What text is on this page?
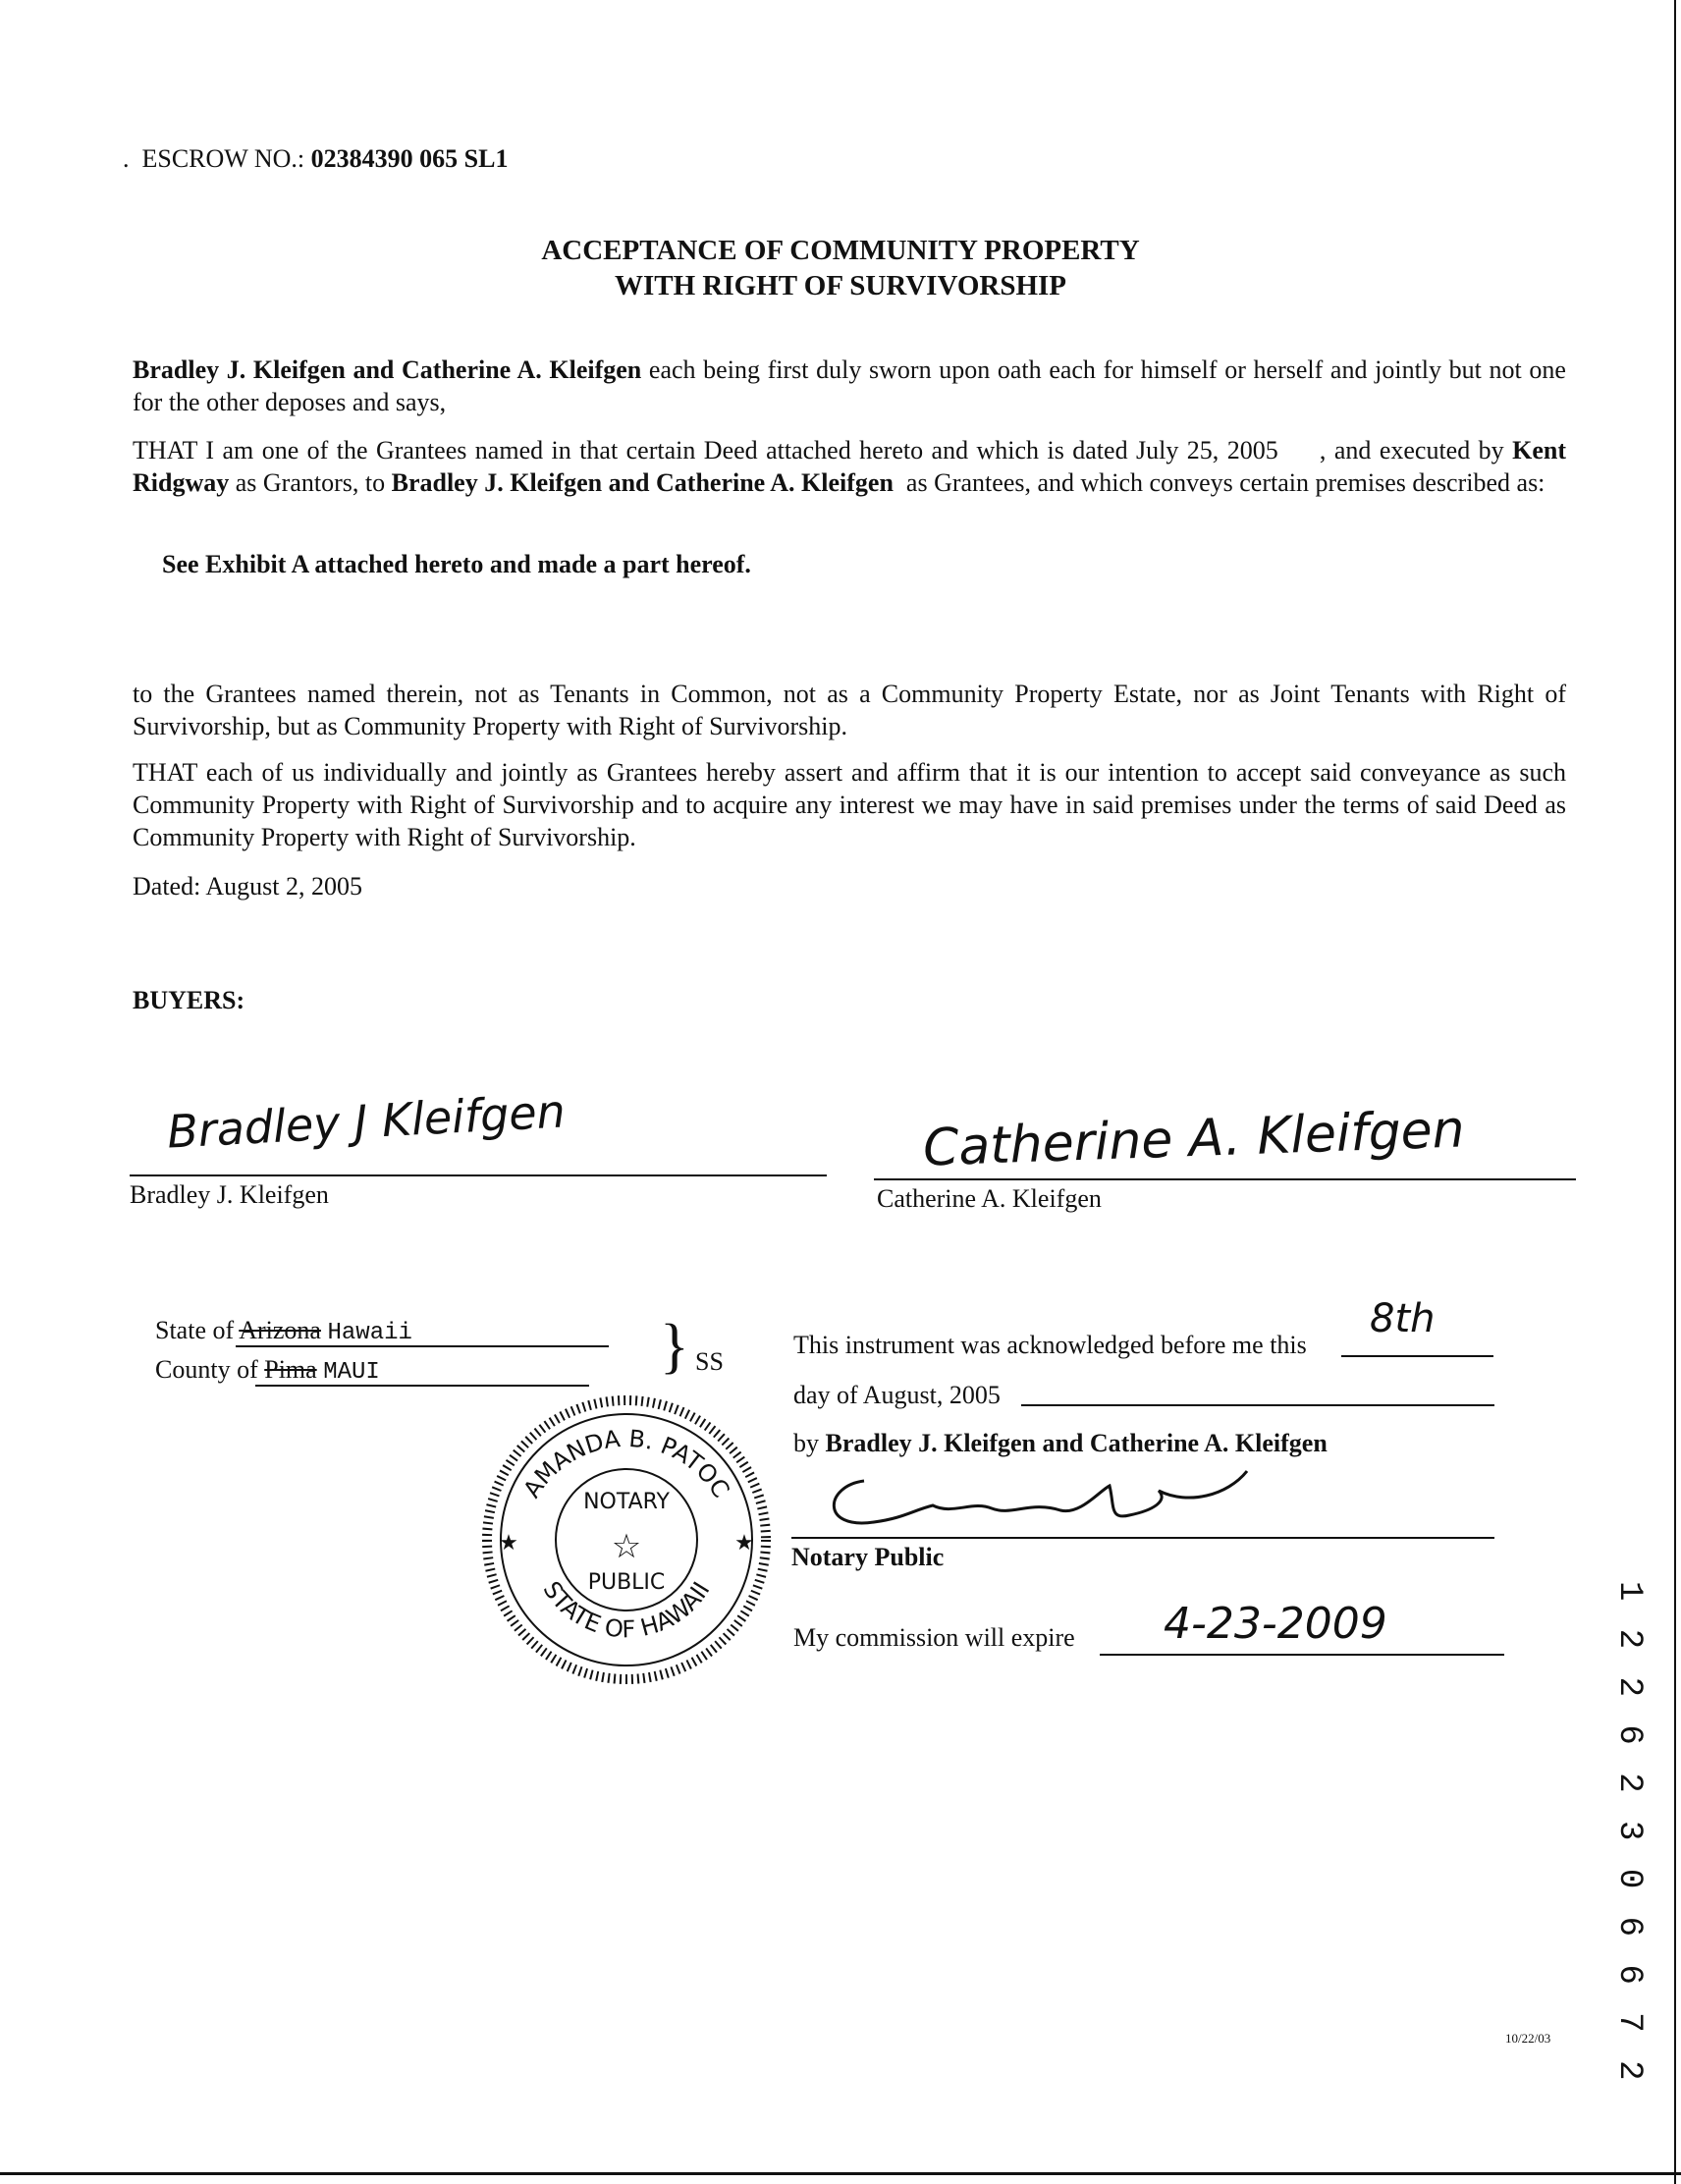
.  ESCROW NO.: 02384390 065 SL1
ACCEPTANCE OF COMMUNITY PROPERTY
WITH RIGHT OF SURVIVORSHIP
Bradley J. Kleifgen and Catherine A. Kleifgen each being first duly sworn upon oath each for himself or herself and jointly but not one for the other deposes and says,
THAT I am one of the Grantees named in that certain Deed attached hereto and which is dated July 25, 2005     , and executed by Kent Ridgway as Grantors, to Bradley J. Kleifgen and Catherine A. Kleifgen  as Grantees, and which conveys certain premises described as:
See Exhibit A attached hereto and made a part hereof.
to the Grantees named therein, not as Tenants in Common, not as a Community Property Estate, nor as Joint Tenants with Right of Survivorship, but as Community Property with Right of Survivorship.
THAT each of us individually and jointly as Grantees hereby assert and affirm that it is our intention to accept said conveyance as such Community Property with Right of Survivorship and to acquire any interest we may have in said premises under the terms of said Deed as Community Property with Right of Survivorship.
Dated: August 2, 2005
BUYERS:
Bradley J Kleifgen
Bradley J. Kleifgen
Catherine A. Kleifgen
Catherine A. Kleifgen
State of Arizona Hawaii
County of Pima MAUI	} SS
AMANDA B. PATOC
STATE OF HAWAII
NOTARY
PUBLIC
☆
★	★
This instrument was acknowledged before me this
8th
day of August, 2005
by Bradley J. Kleifgen and Catherine A. Kleifgen
Notary Public
My commission will expire 4-23-2009	1 2 2 6 2 3 0 6 6 7 2
10/22/03
